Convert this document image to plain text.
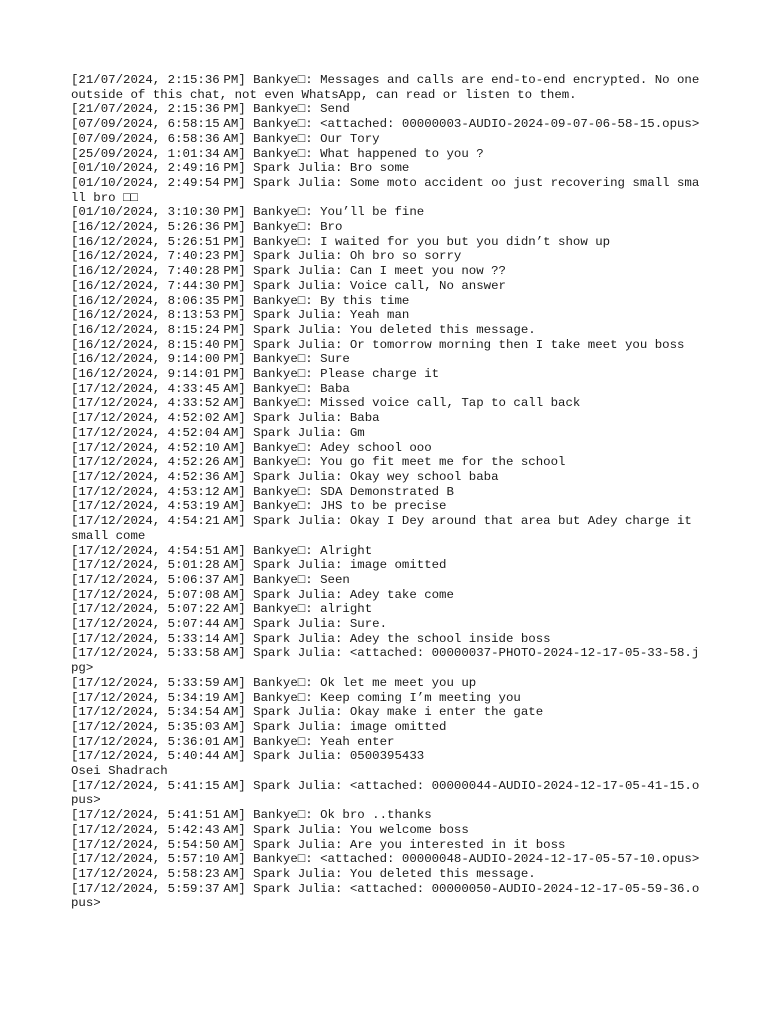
[21/07/2024, 2:15:36 PM] Bankye□: Messages and calls are end-to-end encrypted. No one outside of this chat, not even WhatsApp, can read or listen to them.
[21/07/2024, 2:15:36 PM] Bankye□: Send
[07/09/2024, 6:58:15 AM] Bankye□: <attached: 00000003-AUDIO-2024-09-07-06-58-15.opus>
[07/09/2024, 6:58:36 AM] Bankye□: Our Tory
[25/09/2024, 1:01:34 AM] Bankye□: What happened to you ?
[01/10/2024, 2:49:16 PM] Spark Julia: Bro some
[01/10/2024, 2:49:54 PM] Spark Julia: Some moto accident oo just recovering small small bro □□
[01/10/2024, 3:10:30 PM] Bankye□: You’ll be fine
[16/12/2024, 5:26:36 PM] Bankye□: Bro
[16/12/2024, 5:26:51 PM] Bankye□: I waited for you but you didn’t show up
[16/12/2024, 7:40:23 PM] Spark Julia: Oh bro so sorry
[16/12/2024, 7:40:28 PM] Spark Julia: Can I meet you now ??
[16/12/2024, 7:44:30 PM] Spark Julia: Voice call, No answer
[16/12/2024, 8:06:35 PM] Bankye□: By this time
[16/12/2024, 8:13:53 PM] Spark Julia: Yeah man
[16/12/2024, 8:15:24 PM] Spark Julia: You deleted this message.
[16/12/2024, 8:15:40 PM] Spark Julia: Or tomorrow morning then I take meet you boss
[16/12/2024, 9:14:00 PM] Bankye□: Sure
[16/12/2024, 9:14:01 PM] Bankye□: Please charge it
[17/12/2024, 4:33:45 AM] Bankye□: Baba
[17/12/2024, 4:33:52 AM] Bankye□: Missed voice call, Tap to call back
[17/12/2024, 4:52:02 AM] Spark Julia: Baba
[17/12/2024, 4:52:04 AM] Spark Julia: Gm
[17/12/2024, 4:52:10 AM] Bankye□: Adey school ooo
[17/12/2024, 4:52:26 AM] Bankye□: You go fit meet me for the school
[17/12/2024, 4:52:36 AM] Spark Julia: Okay wey school baba
[17/12/2024, 4:53:12 AM] Bankye□: SDA Demonstrated B
[17/12/2024, 4:53:19 AM] Bankye□: JHS to be precise
[17/12/2024, 4:54:21 AM] Spark Julia: Okay I Dey around that area but Adey charge it small come
[17/12/2024, 4:54:51 AM] Bankye□: Alright
[17/12/2024, 5:01:28 AM] Spark Julia: image omitted
[17/12/2024, 5:06:37 AM] Bankye□: Seen
[17/12/2024, 5:07:08 AM] Spark Julia: Adey take come
[17/12/2024, 5:07:22 AM] Bankye□: alright
[17/12/2024, 5:07:44 AM] Spark Julia: Sure.
[17/12/2024, 5:33:14 AM] Spark Julia: Adey the school inside boss
[17/12/2024, 5:33:58 AM] Spark Julia: <attached: 00000037-PHOTO-2024-12-17-05-33-58.jpg>
[17/12/2024, 5:33:59 AM] Bankye□: Ok let me meet you up
[17/12/2024, 5:34:19 AM] Bankye□: Keep coming I’m meeting you
[17/12/2024, 5:34:54 AM] Spark Julia: Okay make i enter the gate
[17/12/2024, 5:35:03 AM] Spark Julia: image omitted
[17/12/2024, 5:36:01 AM] Bankye□: Yeah enter
[17/12/2024, 5:40:44 AM] Spark Julia: 0500395433
Osei Shadrach
[17/12/2024, 5:41:15 AM] Spark Julia: <attached: 00000044-AUDIO-2024-12-17-05-41-15.opus>
[17/12/2024, 5:41:51 AM] Bankye□: Ok bro ..thanks
[17/12/2024, 5:42:43 AM] Spark Julia: You welcome boss
[17/12/2024, 5:54:50 AM] Spark Julia: Are you interested in it boss
[17/12/2024, 5:57:10 AM] Bankye□: <attached: 00000048-AUDIO-2024-12-17-05-57-10.opus>
[17/12/2024, 5:58:23 AM] Spark Julia: You deleted this message.
[17/12/2024, 5:59:37 AM] Spark Julia: <attached: 00000050-AUDIO-2024-12-17-05-59-36.opus>
